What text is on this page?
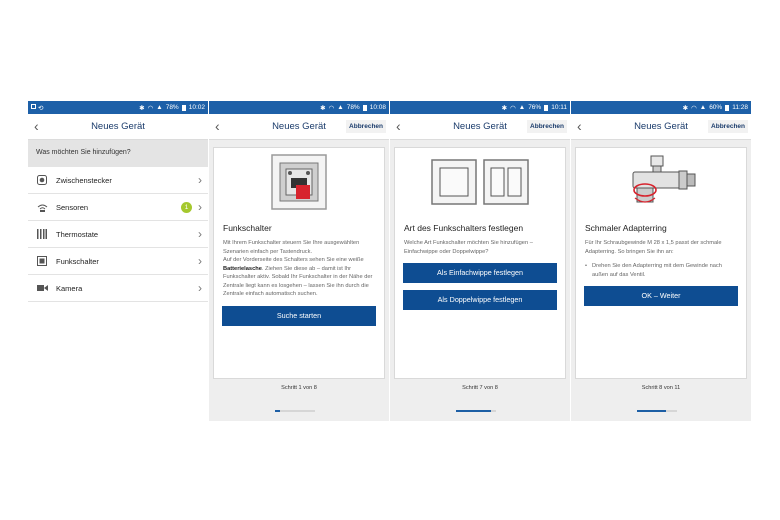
⟲	✱ ◠ ▲ 78% 10:02
‹	Neues Gerät
Was möchten Sie hinzufügen?
Zwischenstecker	›
Sensoren	1 ›
Thermostate	›
Funkschalter	›
Kamera	›
✱ ◠ ▲ 78% 10:08
‹	Neues Gerät	Abbrechen
Funkschalter
Mit Ihrem Funkschalter steuern Sie Ihre ausgewählten Szenarien einfach per Tastendruck.
Auf der Vorderseite des Schalters sehen Sie eine weiße Batterielasche. Ziehen Sie diese ab – damit ist Ihr Funkschalter aktiv. Sobald Ihr Funkschalter in der Nähe der Zentrale liegt kann es losgehen – lassen Sie ihn durch die Zentrale einfach automatisch suchen.
Suche starten
Schritt 1 von 8
✱ ◠ ▲ 76% 10:11
‹	Neues Gerät	Abbrechen
Art des Funkschalters festlegen
Welche Art Funkschalter möchten Sie hinzufügen – Einfachwippe oder Doppelwippe?
Als Einfachwippe festlegen
Als Doppelwippe festlegen
Schritt 7 von 8
✱ ◠ ▲ 60% 11:28
‹	Neues Gerät	Abbrechen
Schmaler Adapterring
Für Ihr Schraubgewinde M 28 x 1,5 passt der schmale Adapterring. So bringen Sie ihn an:
• Drehen Sie den Adapterring mit dem Gewinde nach außen auf das Ventil.
OK – Weiter
Schritt 8 von 11
